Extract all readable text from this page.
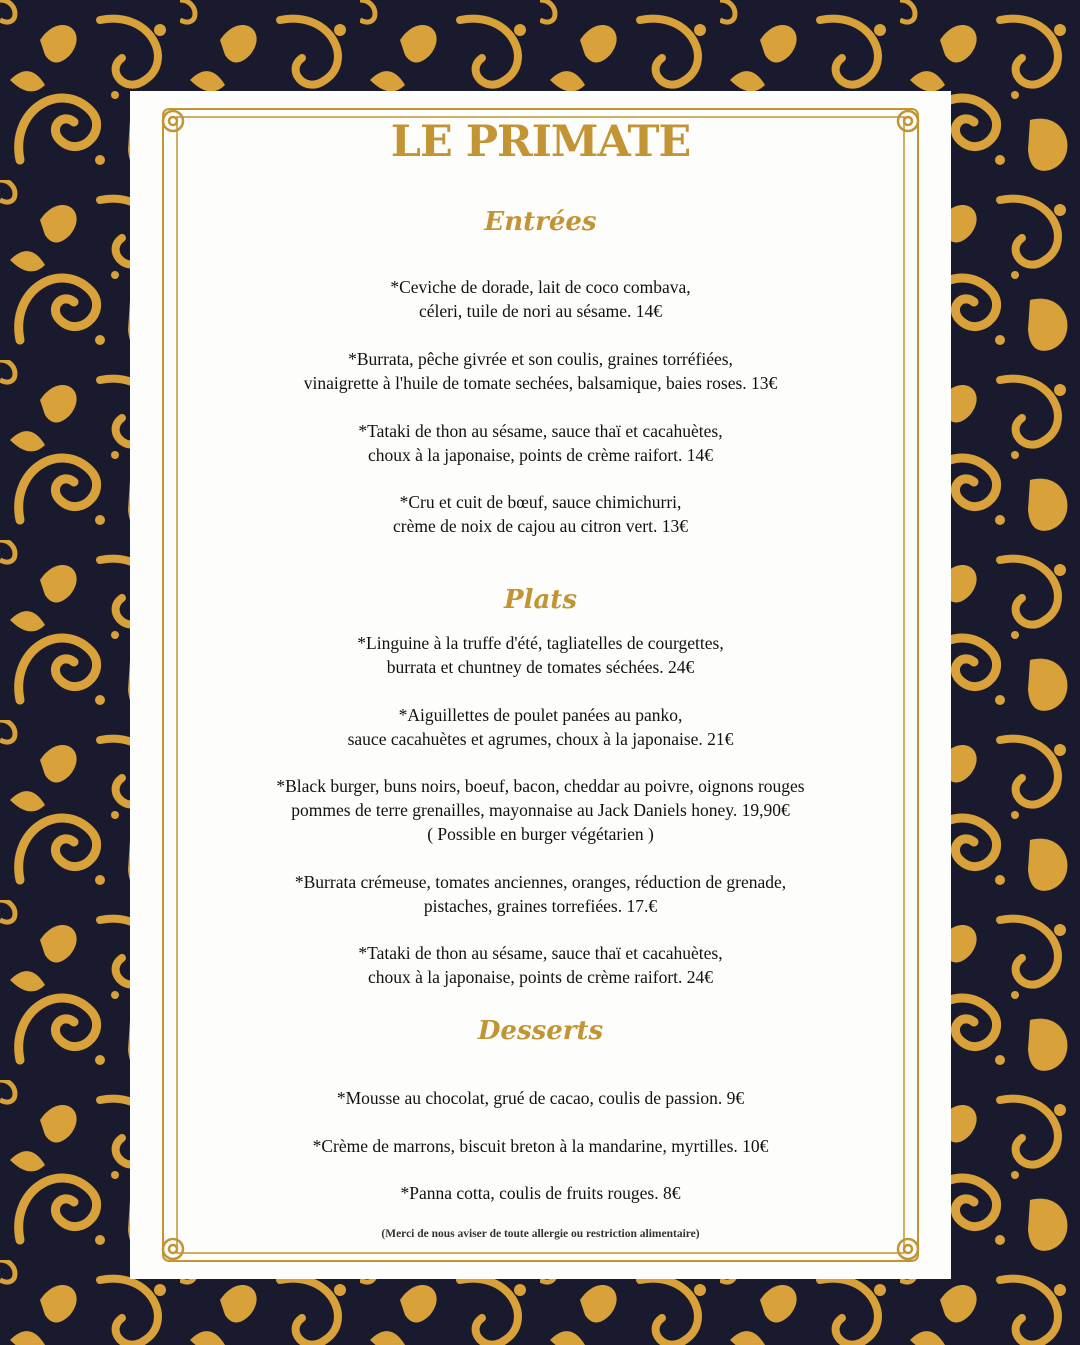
LE PRIMATE
Entrées
*Ceviche de dorade, lait de coco combava,
céleri, tuile de nori au sésame. 14€
*Burrata, pêche givrée et son coulis, graines torréfiées,
vinaigrette à l'huile de tomate sechées, balsamique, baies roses. 13€
*Tataki de thon au sésame, sauce thaï et cacahuètes,
choux à la japonaise, points de crème raifort. 14€
*Cru et cuit de bœuf, sauce chimichurri,
crème de noix de cajou au citron vert. 13€
Plats
*Linguine à la truffe d'été, tagliatelles de courgettes,
burrata et chuntney de tomates séchées. 24€
*Aiguillettes de poulet panées au panko,
sauce cacahuètes et agrumes, choux à la japonaise. 21€
*Black burger, buns noirs, boeuf, bacon, cheddar au poivre, oignons rouges
pommes de terre grenailles, mayonnaise au Jack Daniels honey. 19,90€
( Possible en burger végétarien )
*Burrata crémeuse, tomates anciennes, oranges, réduction de grenade,
pistaches, graines torrefiées. 17.€
*Tataki de thon au sésame, sauce thaï et cacahuètes,
choux à la japonaise, points de crème raifort. 24€
Desserts
*Mousse au chocolat, grué de cacao, coulis de passion. 9€
*Crème de marrons, biscuit breton à la mandarine, myrtilles. 10€
*Panna cotta, coulis de fruits rouges. 8€
(Merci de nous aviser de toute allergie ou restriction alimentaire)
